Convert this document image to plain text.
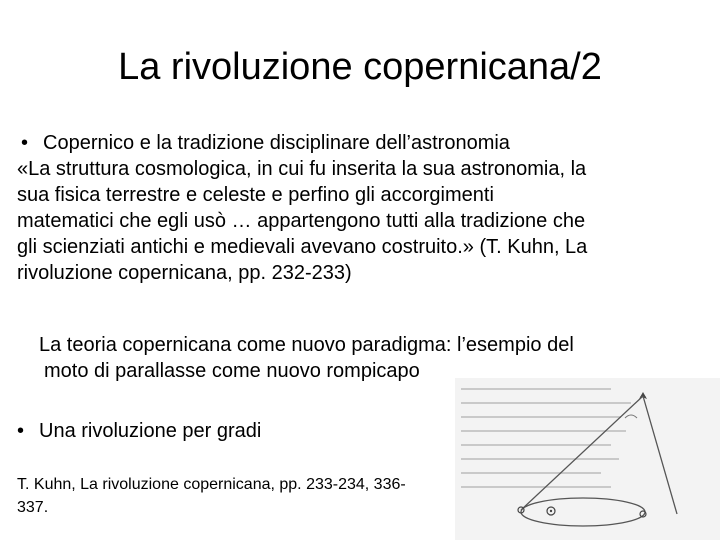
La rivoluzione copernicana/2
• Copernico e la tradizione disciplinare dell’astronomia
«La struttura cosmologica, in cui fu inserita la sua astronomia, la
sua fisica terrestre e celeste e perfino gli accorgimenti
matematici che egli usò … appartengono tutti alla tradizione che
gli scienziati antichi e medievali avevano costruito.» (T. Kuhn, La
rivoluzione copernicana, pp. 232-233)
La teoria copernicana come nuovo paradigma: l’esempio del
moto di parallasse come nuovo rompicapo
• Una rivoluzione per gradi
T. Kuhn, La rivoluzione copernicana, pp. 233-234, 336-
337.
